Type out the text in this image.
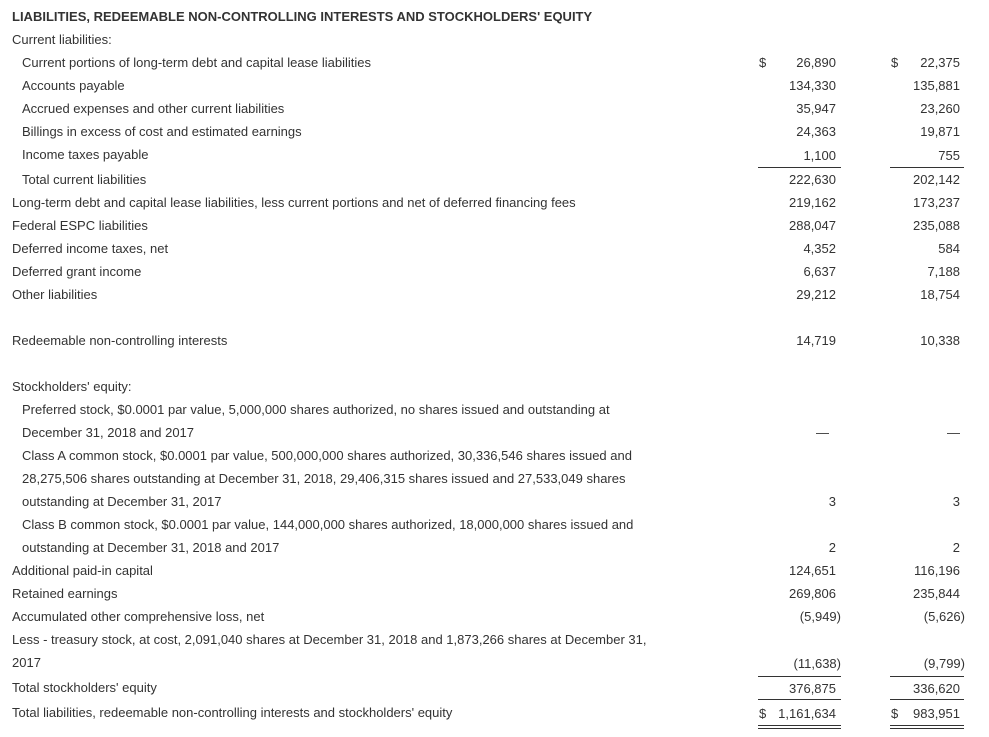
LIABILITIES, REDEEMABLE NON-CONTROLLING INTERESTS AND STOCKHOLDERS' EQUITY
Current liabilities:
Current portions of long-term debt and capital lease liabilities	$ 26,890	$ 22,375
Accounts payable	134,330	135,881
Accrued expenses and other current liabilities	35,947	23,260
Billings in excess of cost and estimated earnings	24,363	19,871
Income taxes payable	1,100	755
Total current liabilities	222,630	202,142
Long-term debt and capital lease liabilities, less current portions and net of deferred financing fees	219,162	173,237
Federal ESPC liabilities	288,047	235,088
Deferred income taxes, net	4,352	584
Deferred grant income	6,637	7,188
Other liabilities	29,212	18,754
Redeemable non-controlling interests	14,719	10,338
Stockholders' equity:
Preferred stock, $0.0001 par value, 5,000,000 shares authorized, no shares issued and outstanding at
December 31, 2018 and 2017	—	—
Class A common stock, $0.0001 par value, 500,000,000 shares authorized, 30,336,546 shares issued and
28,275,506 shares outstanding at December 31, 2018, 29,406,315 shares issued and 27,533,049 shares
outstanding at December 31, 2017	3	3
Class B common stock, $0.0001 par value, 144,000,000 shares authorized, 18,000,000 shares issued and
outstanding at December 31, 2018 and 2017	2	2
Additional paid-in capital	124,651	116,196
Retained earnings	269,806	235,844
Accumulated other comprehensive loss, net	(5,949)	(5,626)
Less - treasury stock, at cost, 2,091,040 shares at December 31, 2018 and 1,873,266 shares at December 31,
2017	(11,638)	(9,799)
Total stockholders' equity	376,875	336,620
Total liabilities, redeemable non-controlling interests and stockholders' equity	$ 1,161,634	$ 983,951
